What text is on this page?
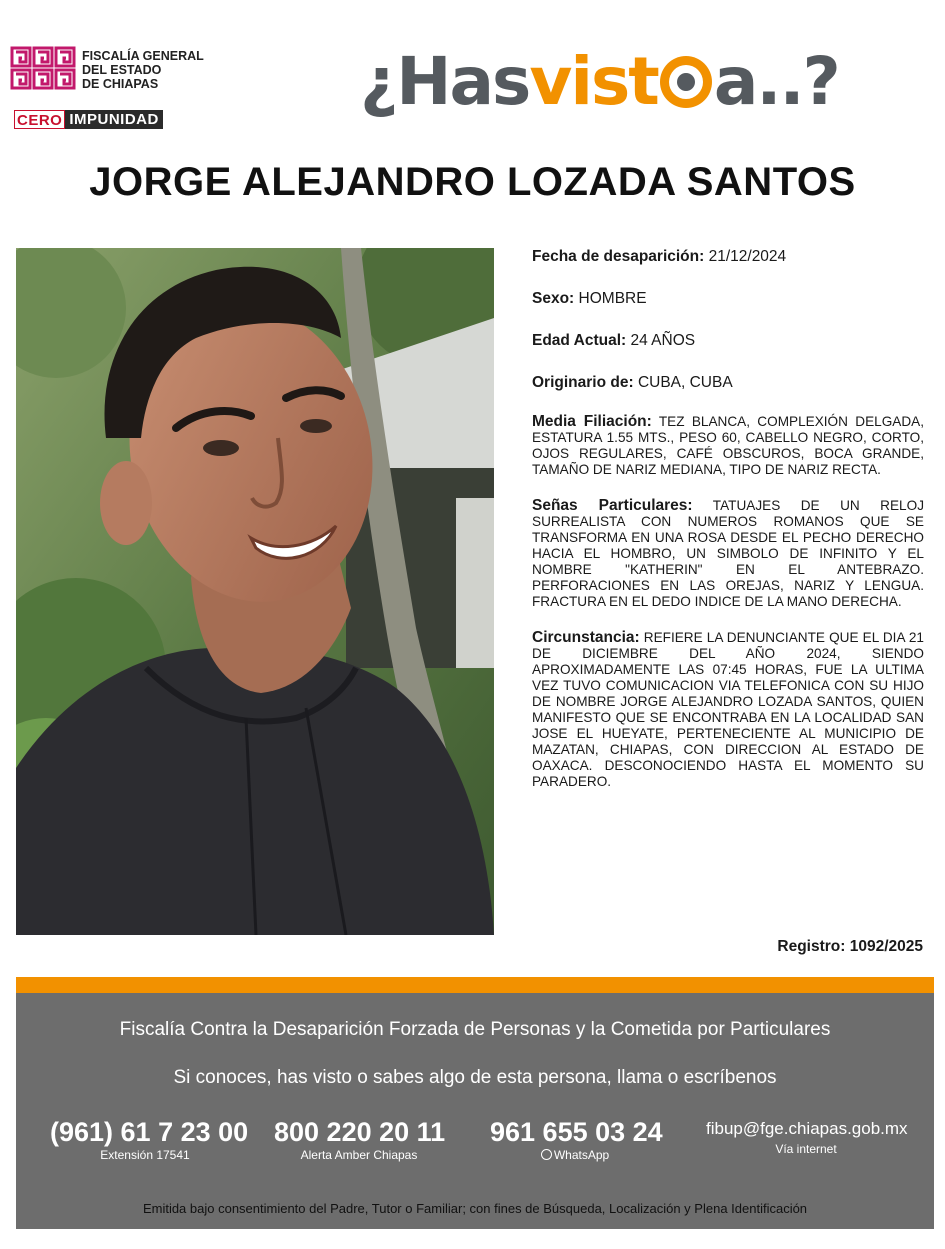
FISCALÍA GENERAL
DEL ESTADO
DE CHIAPAS
CERO IMPUNIDAD	¿Hasvist a..?
JORGE ALEJANDRO LOZADA SANTOS
Fecha de desaparición: 21/12/2024
Sexo: HOMBRE
Edad Actual: 24 AÑOS
Originario de: CUBA, CUBA
Media Filiación: TEZ BLANCA, COMPLEXIÓN DELGADA, ESTATURA 1.55 MTS., PESO 60, CABELLO NEGRO, CORTO, OJOS REGULARES, CAFÉ OBSCUROS, BOCA GRANDE, TAMAÑO DE NARIZ MEDIANA, TIPO DE NARIZ RECTA.
Señas Particulares: TATUAJES DE UN RELOJ SURREALISTA CON NUMEROS ROMANOS QUE SE TRANSFORMA EN UNA ROSA DESDE EL PECHO DERECHO HACIA EL HOMBRO, UN SIMBOLO DE INFINITO Y EL NOMBRE "KATHERIN" EN EL ANTEBRAZO. PERFORACIONES EN LAS OREJAS, NARIZ Y LENGUA. FRACTURA EN EL DEDO INDICE DE LA MANO DERECHA.
Circunstancia: REFIERE LA DENUNCIANTE QUE EL DIA 21 DE DICIEMBRE DEL AÑO 2024, SIENDO APROXIMADAMENTE LAS 07:45 HORAS, FUE LA ULTIMA VEZ TUVO COMUNICACION VIA TELEFONICA CON SU HIJO DE NOMBRE JORGE ALEJANDRO LOZADA SANTOS, QUIEN MANIFESTO QUE SE ENCONTRABA EN LA LOCALIDAD SAN JOSE EL HUEYATE, PERTENECIENTE AL MUNICIPIO DE MAZATAN, CHIAPAS, CON DIRECCION AL ESTADO DE OAXACA. DESCONOCIENDO HASTA EL MOMENTO SU PARADERO.
Registro: 1092/2025
Fiscalía Contra la Desaparición Forzada de Personas y la Cometida por Particulares
Si conoces, has visto o sabes algo de esta persona, llama o escríbenos
(961) 61 7 23 00
Extensión 17541
800 220 20 11
Alerta Amber Chiapas
961 655 03 24
WhatsApp
fibup@fge.chiapas.gob.mx
Vía internet
Emitida bajo consentimiento del Padre, Tutor o Familiar; con fines de Búsqueda, Localización y Plena Identificación
